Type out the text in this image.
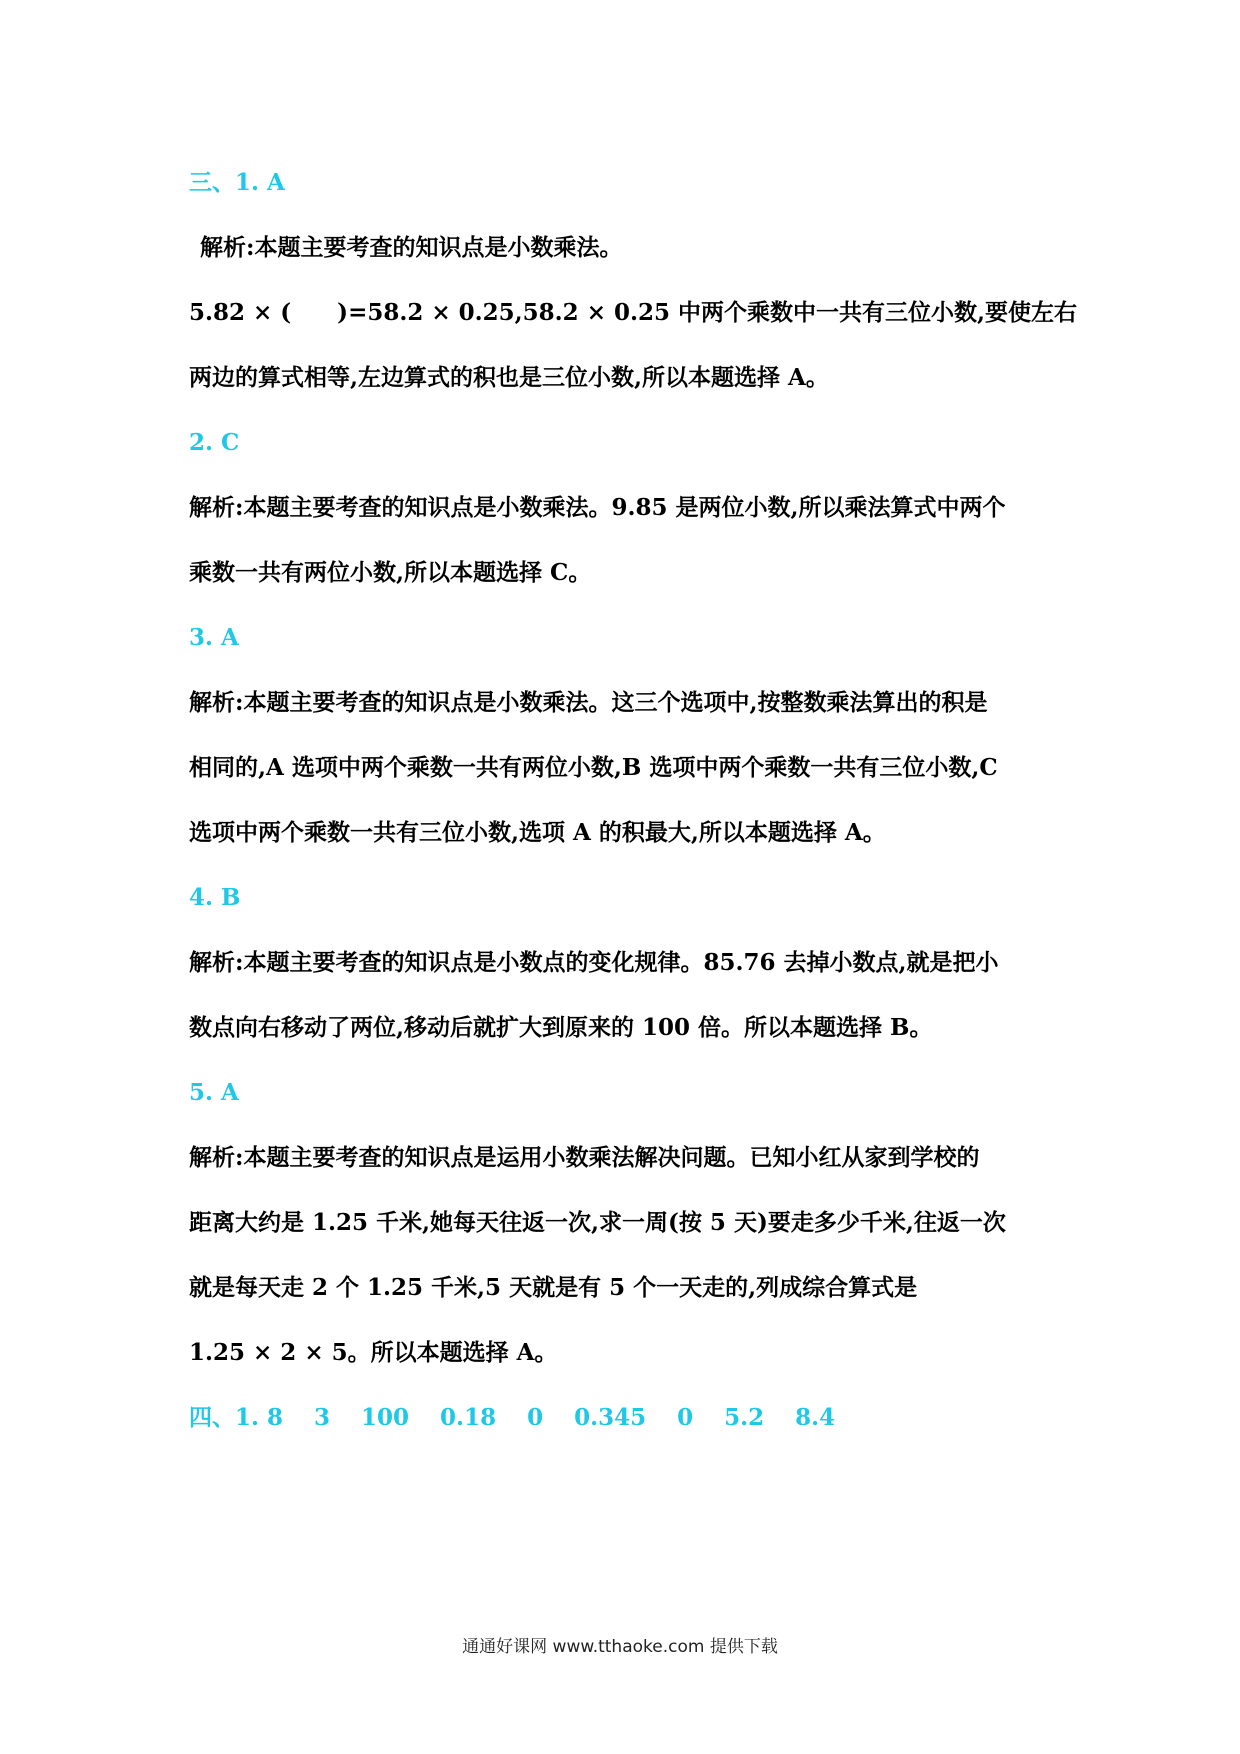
三、1. A
解析:本题主要考查的知识点是小数乘法。
5.82 × (　　)=58.2 × 0.25,58.2 × 0.25 中两个乘数中一共有三位小数,要使左右
两边的算式相等,左边算式的积也是三位小数,所以本题选择 A。
2. C
解析:本题主要考查的知识点是小数乘法。9.85 是两位小数,所以乘法算式中两个
乘数一共有两位小数,所以本题选择 C。
3. A
解析:本题主要考查的知识点是小数乘法。这三个选项中,按整数乘法算出的积是
相同的,A 选项中两个乘数一共有两位小数,B 选项中两个乘数一共有三位小数,C
选项中两个乘数一共有三位小数,选项 A 的积最大,所以本题选择 A。
4. B
解析:本题主要考查的知识点是小数点的变化规律。85.76 去掉小数点,就是把小
数点向右移动了两位,移动后就扩大到原来的 100 倍。所以本题选择 B。
5. A
解析:本题主要考查的知识点是运用小数乘法解决问题。已知小红从家到学校的
距离大约是 1.25 千米,她每天往返一次,求一周(按 5 天)要走多少千米,往返一次
就是每天走 2 个 1.25 千米,5 天就是有 5 个一天走的,列成综合算式是
1.25 × 2 × 5。所以本题选择 A。
四、1. 8　 3　 100　 0.18　 0　 0.345　 0　 5.2　 8.4
通通好课网 www.tthaoke.com 提供下载
